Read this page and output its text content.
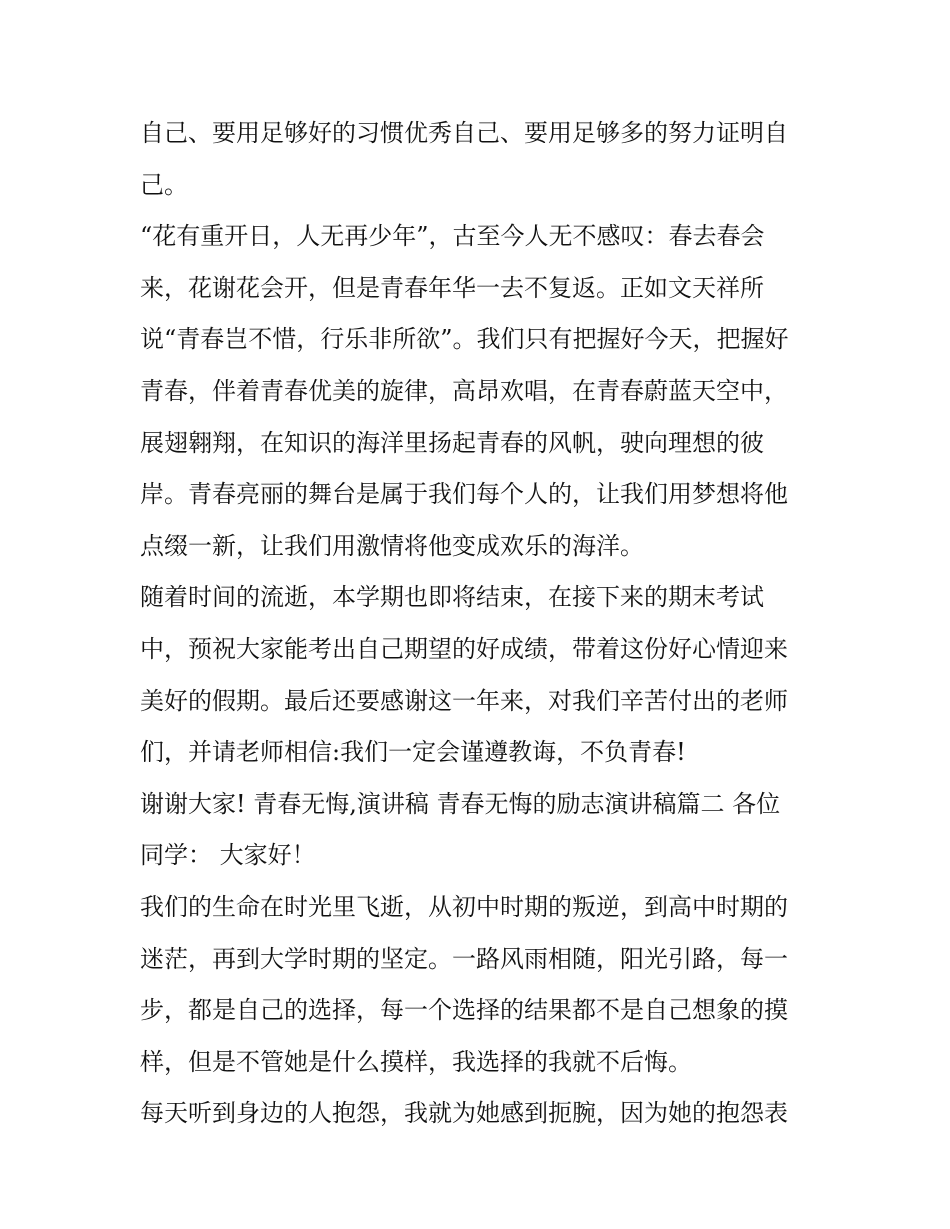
自己、要用足够好的习惯优秀自己、要用足够多的努力证明自
己。
“花有重开日，人无再少年”，古至今人无不感叹：春去春会
来，花谢花会开，但是青春年华一去不复返。正如文天祥所
说“青春岂不惜，行乐非所欲”。我们只有把握好今天，把握好
青春，伴着青春优美的旋律，高昂欢唱，在青春蔚蓝天空中，
展翅翱翔，在知识的海洋里扬起青春的风帆，驶向理想的彼
岸。青春亮丽的舞台是属于我们每个人的，让我们用梦想将他
点缀一新，让我们用激情将他变成欢乐的海洋。
随着时间的流逝，本学期也即将结束，在接下来的期末考试
中，预祝大家能考出自己期望的好成绩，带着这份好心情迎来
美好的假期。最后还要感谢这一年来，对我们辛苦付出的老师
们，并请老师相信:我们一定会谨遵教诲，不负青春!
谢谢大家! 青春无悔,演讲稿 青春无悔的励志演讲稿篇二 各位
同学： 大家好！
我们的生命在时光里飞逝，从初中时期的叛逆，到高中时期的
迷茫，再到大学时期的坚定。一路风雨相随，阳光引路，每一
步，都是自己的选择，每一个选择的结果都不是自己想象的摸
样，但是不管她是什么摸样，我选择的我就不后悔。
每天听到身边的人抱怨，我就为她感到扼腕，因为她的抱怨表
